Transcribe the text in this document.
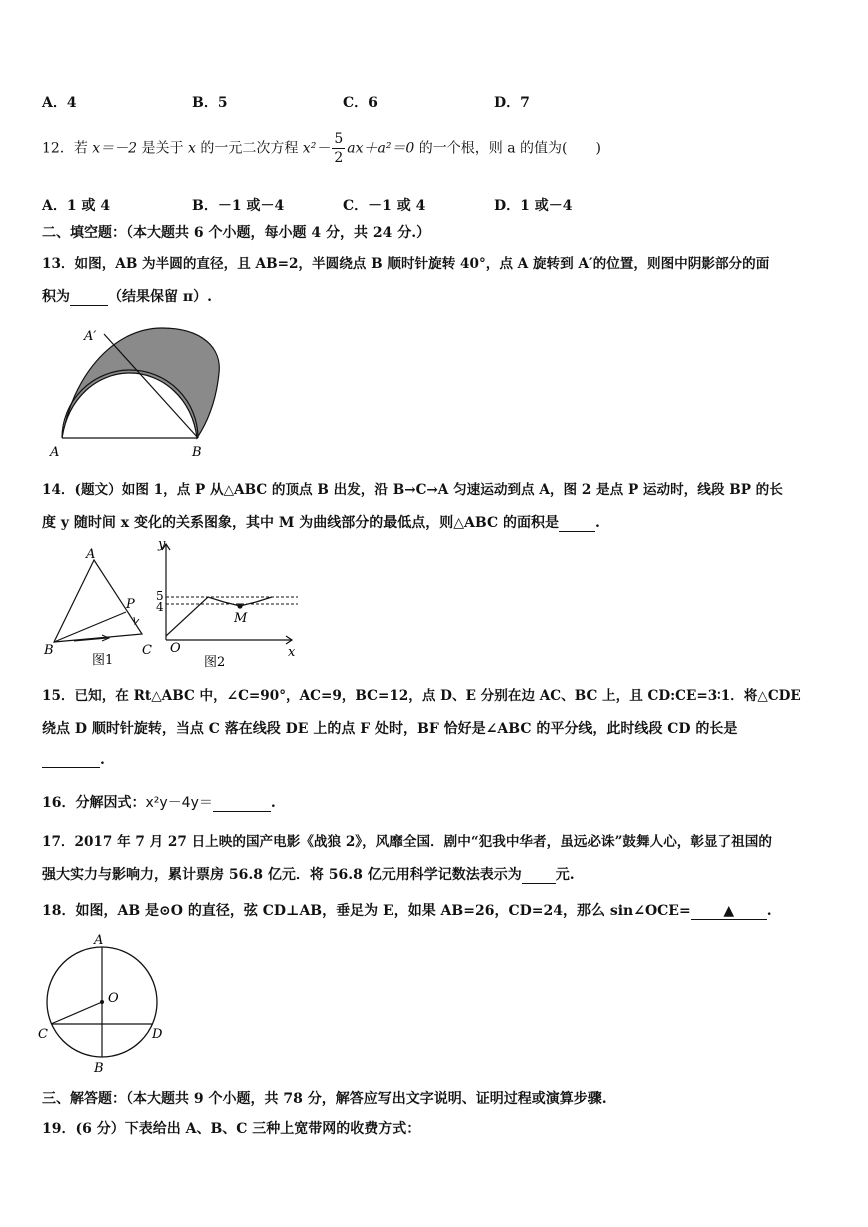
A．4	B．5	C．6	D．7
12．若 x＝－2 是关于 x 的一元二次方程 $x^2- \frac{5}{2} ax+a^2=0$ 的一个根，则 a 的值为(　　)
A．1 或 4	B．－1 或－4	C．－1 或 4	D．1 或－4
二、填空题：（本大题共 6 个小题，每小题 4 分，共 24 分.）
13．如图，AB 为半圆的直径，且 AB=2，半圆绕点 B 顺时针旋转 40°，点 A 旋转到 A′的位置，则图中阴影部分的面
积为	（结果保留 π）.
A′
A	B
14．(题文）如图 1，点 P 从△ABC 的顶点 B 出发，沿 B→C→A 匀速运动到点 A，图 2 是点 P 运动时，线段 BP 的长
度 y 随时间 x 变化的关系图象，其中 M 为曲线部分的最低点，则△ABC 的面积是	.
A
B	C
P
图1
y
x
O
M
5
4
图2
15．已知，在 Rt△ABC 中，∠C=90°，AC=9，BC=12，点 D、E 分别在边 AC、BC 上，且 CD:CE=3∶1．将△CDE
绕点 D 顺时针旋转，当点 C 落在线段 DE 上的点 F 处时，BF 恰好是∠ABC 的平分线，此时线段 CD 的长是
.
16．分解因式：x²y－4y＝	.
17．2017 年 7 月 27 日上映的国产电影《战狼 2》，风靡全国．剧中“犯我中华者，虽远必诛”鼓舞人心，彰显了祖国的
强大实力与影响力，累计票房 56.8 亿元．将 56.8 亿元用科学记数法表示为 元.
18．如图，AB 是⊙O 的直径，弦 CD⊥AB，垂足为 E，如果 AB=26，CD=24，那么 sin∠OCE= ▲ .
A
B
C	D
O
三、解答题：（本大题共 9 个小题，共 78 分，解答应写出文字说明、证明过程或演算步骤.
19．(6 分）下表给出 A、B、C 三种上宽带网的收费方式：
